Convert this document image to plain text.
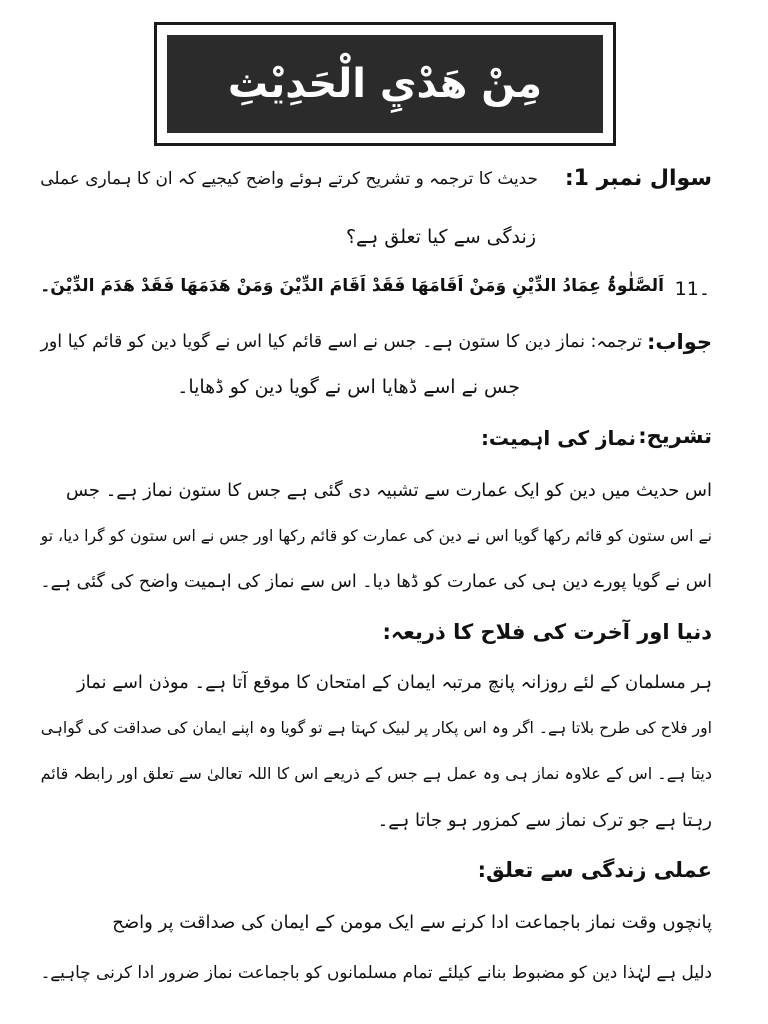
مِنْ هَدْيِ الْحَدِيْثِ
سوال نمبر 1:
حدیث کا ترجمہ و تشریح کرتے ہوئے واضح کیجیے کہ ان کا ہماری عملی
زندگی سے کیا تعلق ہے؟
11۔
اَلصَّلٰوۃُ عِمَادُ الدِّیْنِ وَمَنْ اَقَامَھَا فَقَدْ اَقَامَ الدِّیْنَ وَمَنْ ھَدَمَھَا فَقَدْ ھَدَمَ الدِّیْنَ۔
جواب:
ترجمہ: نماز دین کا ستون ہے۔ جس نے اسے قائم کیا اس نے گویا دین کو قائم کیا اور
جس نے اسے ڈھایا اس نے گویا دین کو ڈھایا۔
تشریح:
نماز کی اہمیت:
اس حدیث میں دین کو ایک عمارت سے تشبیہ دی گئی ہے جس کا ستون نماز ہے۔ جس
نے اس ستون کو قائم رکھا گویا اس نے دین کی عمارت کو قائم رکھا اور جس نے اس ستون کو گرا دیا، تو
اس نے گویا پورے دین ہی کی عمارت کو ڈھا دیا۔ اس سے نماز کی اہمیت واضح کی گئی ہے۔
دنیا اور آخرت کی فلاح کا ذریعہ:
ہر مسلمان کے لئے روزانہ پانچ مرتبہ ایمان کے امتحان کا موقع آتا ہے۔ موذن اسے نماز
اور فلاح کی طرح بلاتا ہے۔ اگر وہ اس پکار پر لبیک کہتا ہے تو گویا وہ اپنے ایمان کی صداقت کی گواہی
دیتا ہے۔ اس کے علاوہ نماز ہی وہ عمل ہے جس کے ذریعے اس کا اللہ تعالیٰ سے تعلق اور رابطہ قائم
رہتا ہے جو ترک نماز سے کمزور ہو جاتا ہے۔
عملی زندگی سے تعلق:
پانچوں وقت نماز باجماعت ادا کرنے سے ایک مومن کے ایمان کی صداقت پر واضح
دلیل ہے لہٰذا دین کو مضبوط بنانے کیلئے تمام مسلمانوں کو باجماعت نماز ضرور ادا کرنی چاہیے۔
